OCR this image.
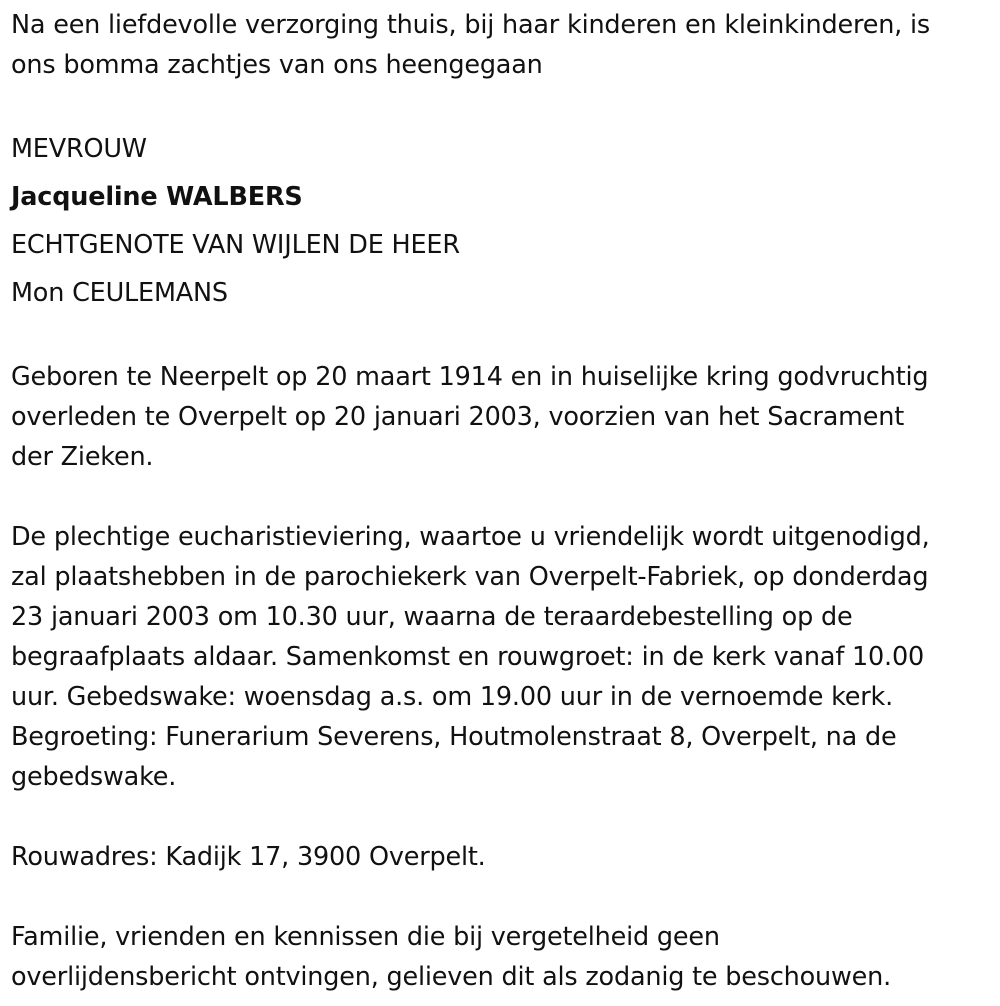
Na een liefdevolle verzorging thuis, bij haar kinderen en kleinkinderen, is
ons bomma zachtjes van ons heengegaan

MEVROUW

Jacqueline WALBERS

ECHTGENOTE VAN WIJLEN DE HEER

Mon CEULEMANS

Geboren te Neerpelt op 20 maart 1914 en in huiselijke kring godvruchtig
overleden te Overpelt op 20 januari 2003, voorzien van het Sacrament
der Zieken.

De plechtige eucharistieviering, waartoe u vriendelijk wordt uitgenodigd,
zal plaatshebben in de parochiekerk van Overpelt-Fabriek, op donderdag
23 januari 2003 om 10.30 uur, waarna de teraardebestelling op de
begraafplaats aldaar. Samenkomst en rouwgroet: in de kerk vanaf 10.00
uur. Gebedswake: woensdag a.s. om 19.00 uur in de vernoemde kerk.
Begroeting: Funerarium Severens, Houtmolenstraat 8, Overpelt, na de
gebedswake.

Rouwadres: Kadijk 17, 3900 Overpelt.

Familie, vrienden en kennissen die bij vergetelheid geen
overlijdensbericht ontvingen, gelieven dit als zodanig te beschouwen.
